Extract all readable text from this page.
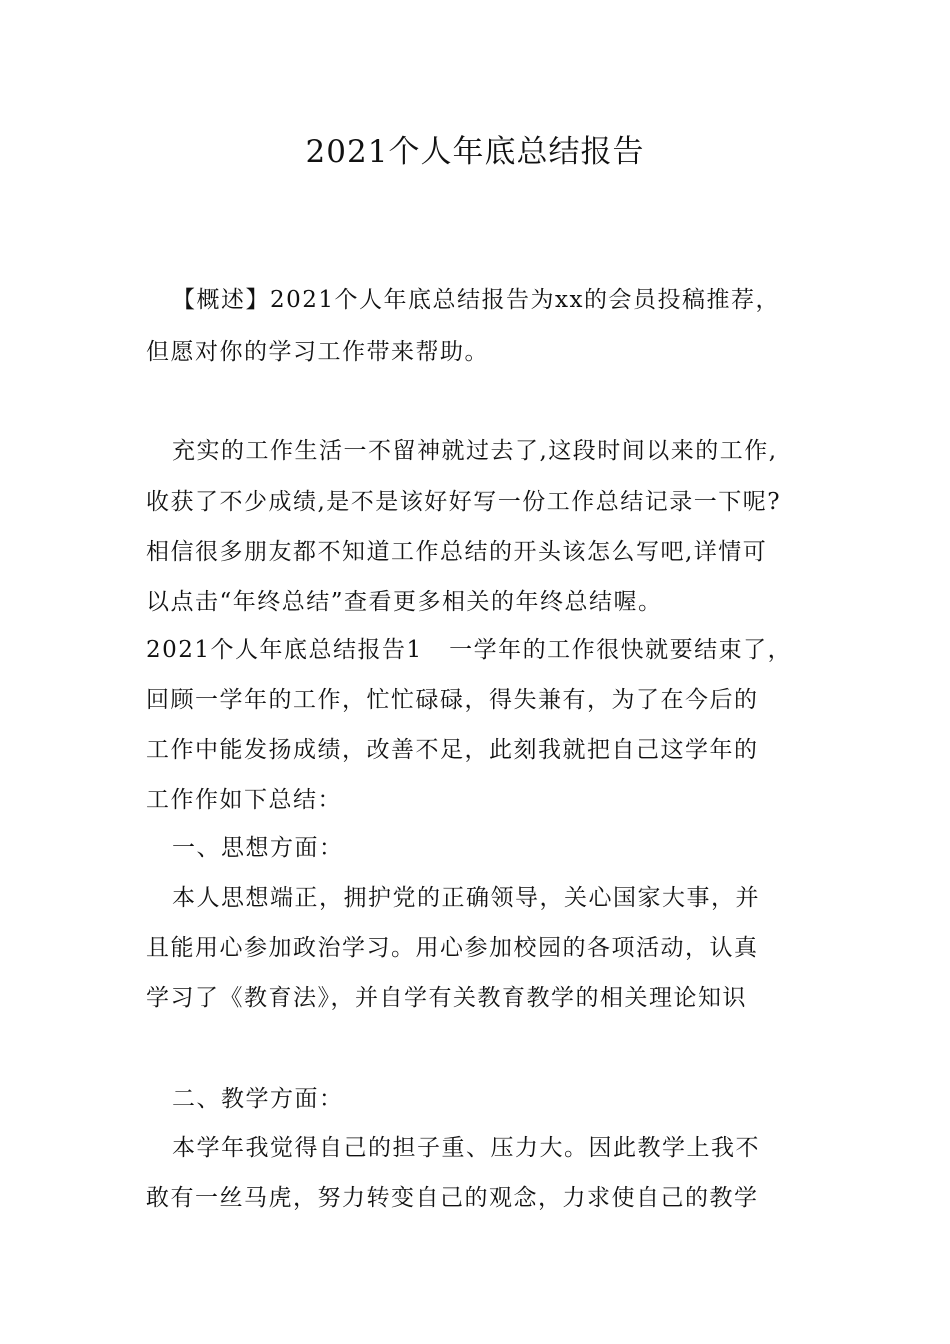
2021个人年底总结报告
【概述】2021个人年底总结报告为xx的会员投稿推荐，
但愿对你的学习工作带来帮助。
充实的工作生活一不留神就过去了,这段时间以来的工作,
收获了不少成绩,是不是该好好写一份工作总结记录一下呢?
相信很多朋友都不知道工作总结的开头该怎么写吧,详情可
以点击“年终总结”查看更多相关的年终总结喔。
2021个人年底总结报告1   一学年的工作很快就要结束了，
回顾一学年的工作，忙忙碌碌，得失兼有，为了在今后的
工作中能发扬成绩，改善不足，此刻我就把自己这学年的
工作作如下总结：
一、思想方面：
本人思想端正，拥护党的正确领导，关心国家大事，并
且能用心参加政治学习。用心参加校园的各项活动，认真
学习了《教育法》，并自学有关教育教学的相关理论知识
二、教学方面：
本学年我觉得自己的担子重、压力大。因此教学上我不
敢有一丝马虎，努力转变自己的观念，力求使自己的教学
